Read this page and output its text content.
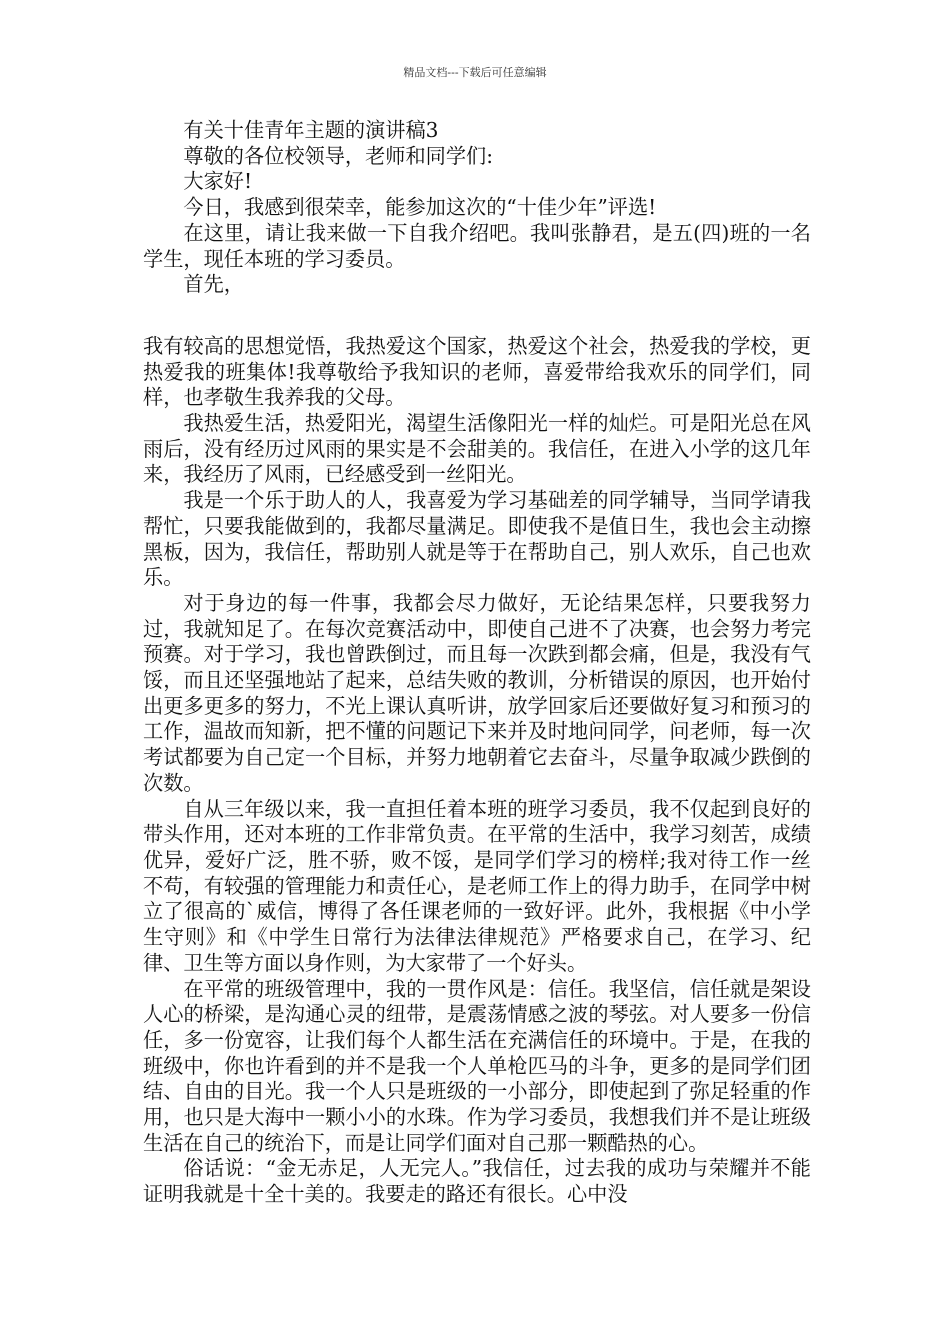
精品文档---下载后可任意编辑

有关十佳青年主题的演讲稿3

尊敬的各位校领导，老师和同学们:

大家好!

今日，我感到很荣幸，能参加这次的“十佳少年”评选!

在这里，请让我来做一下自我介绍吧。我叫张静君，是五(四)班的一名学生，现任本班的学习委员。

首先，

我有较高的思想觉悟，我热爱这个国家，热爱这个社会，热爱我的学校，更热爱我的班集体!我尊敬给予我知识的老师，喜爱带给我欢乐的同学们，同样，也孝敬生我养我的父母。

我热爱生活，热爱阳光，渴望生活像阳光一样的灿烂。可是阳光总在风雨后，没有经历过风雨的果实是不会甜美的。我信任，在进入小学的这几年来，我经历了风雨，已经感受到一丝阳光。

我是一个乐于助人的人，我喜爱为学习基础差的同学辅导，当同学请我帮忙，只要我能做到的，我都尽量满足。即使我不是值日生，我也会主动擦黑板，因为，我信任，帮助别人就是等于在帮助自己，别人欢乐，自己也欢乐。

对于身边的每一件事，我都会尽力做好，无论结果怎样，只要我努力过，我就知足了。在每次竞赛活动中，即使自己进不了决赛，也会努力考完预赛。对于学习，我也曾跌倒过，而且每一次跌到都会痛，但是，我没有气馁，而且还坚强地站了起来，总结失败的教训，分析错误的原因，也开始付出更多更多的努力，不光上课认真听讲，放学回家后还要做好复习和预习的工作，温故而知新，把不懂的问题记下来并及时地问同学，问老师，每一次考试都要为自己定一个目标，并努力地朝着它去奋斗，尽量争取减少跌倒的次数。

自从三年级以来，我一直担任着本班的班学习委员，我不仅起到良好的带头作用，还对本班的工作非常负责。在平常的生活中，我学习刻苦，成绩优异，爱好广泛，胜不骄，败不馁，是同学们学习的榜样;我对待工作一丝不苟，有较强的管理能力和责任心，是老师工作上的得力助手，在同学中树立了很高的`威信，博得了各任课老师的一致好评。此外，我根据《中小学生守则》和《中学生日常行为法律法律规范》严格要求自己，在学习、纪律、卫生等方面以身作则，为大家带了一个好头。

在平常的班级管理中，我的一贯作风是：信任。我坚信，信任就是架设人心的桥梁，是沟通心灵的纽带，是震荡情感之波的琴弦。对人要多一份信任，多一份宽容，让我们每个人都生活在充满信任的环境中。于是，在我的班级中，你也许看到的并不是我一个人单枪匹马的斗争，更多的是同学们团结、自由的目光。我一个人只是班级的一小部分，即使起到了弥足轻重的作用，也只是大海中一颗小小的水珠。作为学习委员，我想我们并不是让班级生活在自己的统治下，而是让同学们面对自己那一颗酷热的心。

俗话说：“金无赤足，人无完人。”我信任，过去我的成功与荣耀并不能证明我就是十全十美的。我要走的路还有很长。心中没
